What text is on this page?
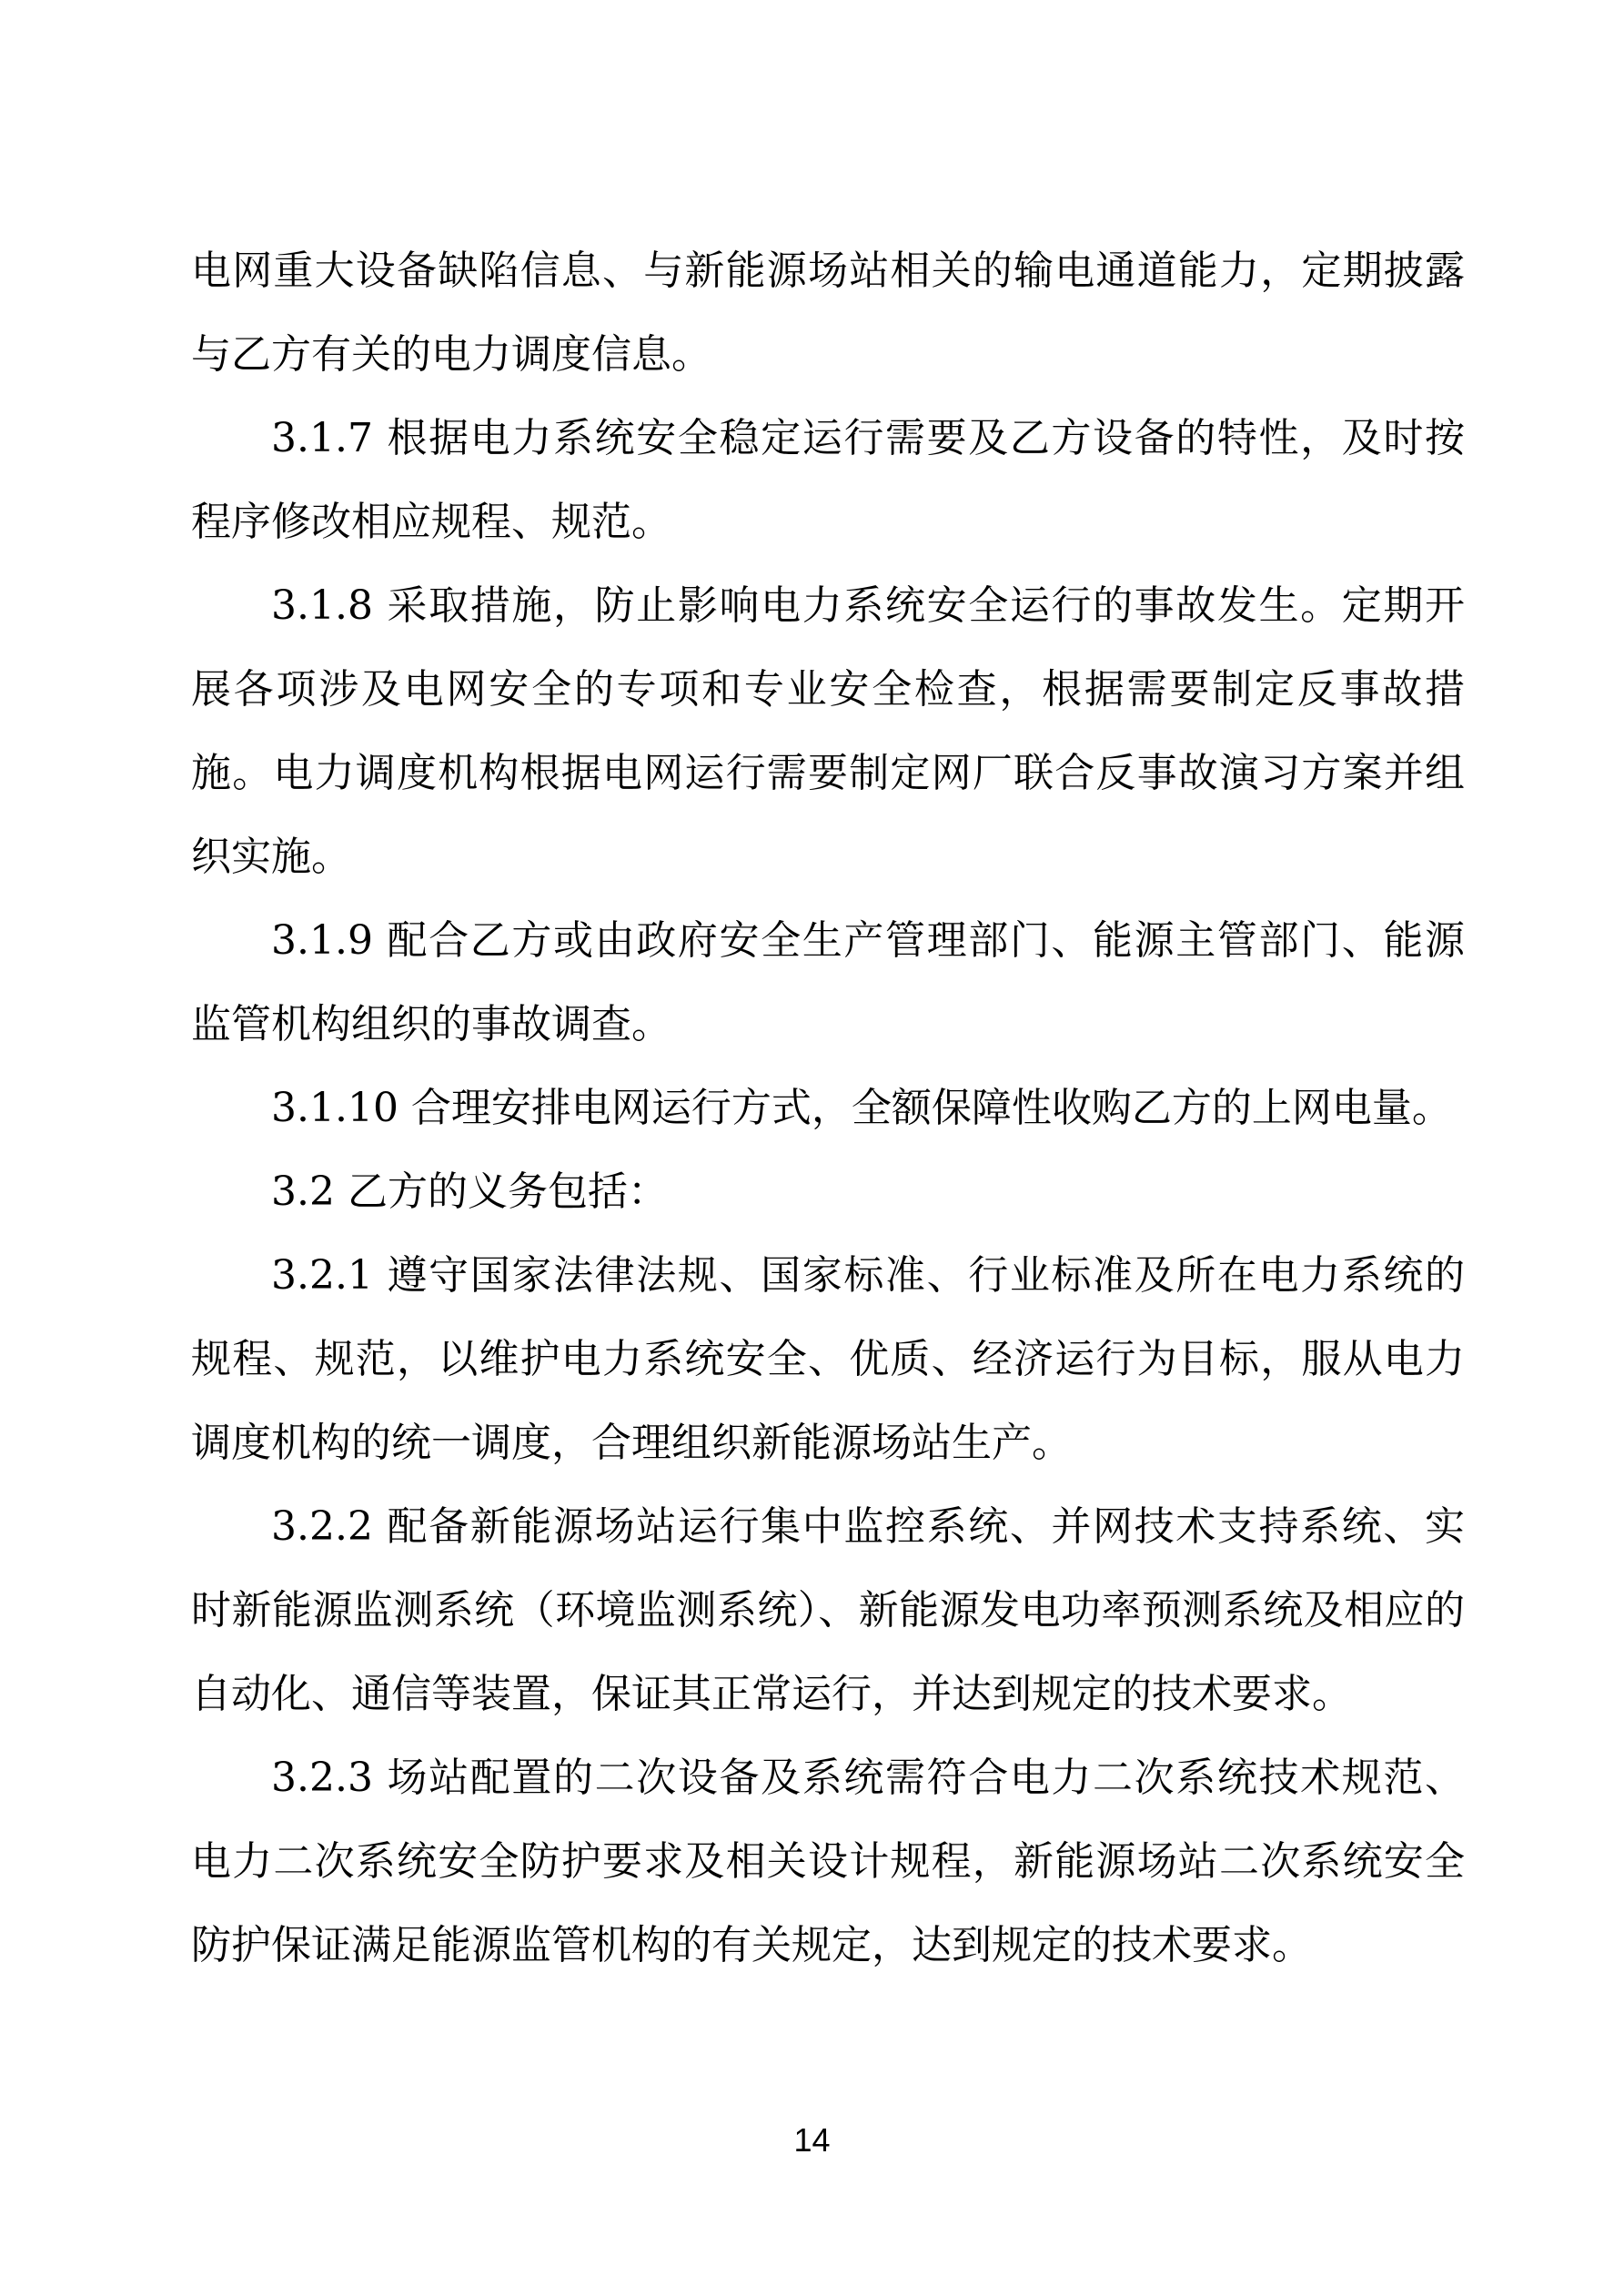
电网重大设备缺陷信息、与新能源场站相关的输电通道能力，定期披露与乙方有关的电力调度信息。

3.1.7 根据电力系统安全稳定运行需要及乙方设备的特性，及时按程序修改相应规程、规范。

3.1.8 采取措施，防止影响电力系统安全运行的事故发生。定期开展各项涉及电网安全的专项和专业安全检查，根据需要制定反事故措施。电力调度机构根据电网运行需要制定网厂联合反事故演习方案并组织实施。

3.1.9 配合乙方或由政府安全生产管理部门、能源主管部门、能源监管机构组织的事故调查。

3.1.10 合理安排电网运行方式，全额保障性收购乙方的上网电量。

3.2 乙方的义务包括：

3.2.1 遵守国家法律法规、国家标准、行业标准及所在电力系统的规程、规范，以维护电力系统安全、优质、经济运行为目标，服从电力调度机构的统一调度，合理组织新能源场站生产。

3.2.2 配备新能源场站运行集中监控系统、并网技术支持系统、实时新能源监测系统（环境监测系统）、新能源发电功率预测系统及相应的自动化、通信等装置，保证其正常运行，并达到规定的技术要求。

3.2.3 场站配置的二次设备及系统需符合电力二次系统技术规范、电力二次系统安全防护要求及相关设计规程，新能源场站二次系统安全防护保证满足能源监管机构的有关规定，达到规定的技术要求。

14
